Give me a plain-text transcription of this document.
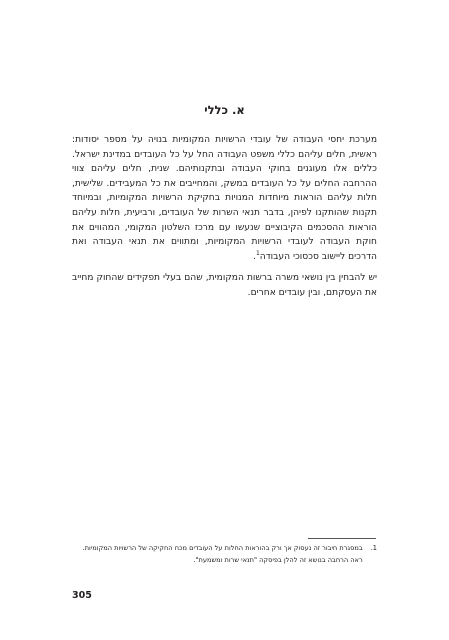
א. כללי

מערכת יחסי העבודה של עובדי הרשויות המקומיות בנויה על מספר יסודות: ראשית, חלים עליהם כללי משפט העבודה החל על כל העובדים במדינת ישראל. כללים אלו מעוגנים בחוקי העבודה ובתקנותיהם. שנית, חלים עליהם צווי ההרחבה החלים על כל העובדים במשק, והמחייבים את כל המעבידים. שלישית, חלות עליהם הוראות מיוחדות המנויות בחקיקת הרשויות המקומיות, ובמיוחד תקנות שהותקנו לפיהן, בדבר תנאי השרות של העובדים, ורביעית, חלות עליהם הוראות ההסכמים הקיבוציים שנעשו עם מרכז השלטון המקומי, המהווים את חוקת העבודה לעובדי הרשויות המקומיות, ומתווים את תנאי העבודה ואת הדרכים ליישוב סכסוכי העבודה$^1$.

יש להבחין בין נושאי משרה ברשות המקומית, שהם בעלי תפקידים שהחוק מחייב את העסקתם, ובין עובדים אחרים.

1.
במסגרת חיבור זה נעסוק אך ורק בהוראות החלות על העובדים מכח החקיקה של הרשויות המקומיות. ראה הרחבה בנושא זה להלן בפיסקה "תנאי שרות ומשמעת".
305
